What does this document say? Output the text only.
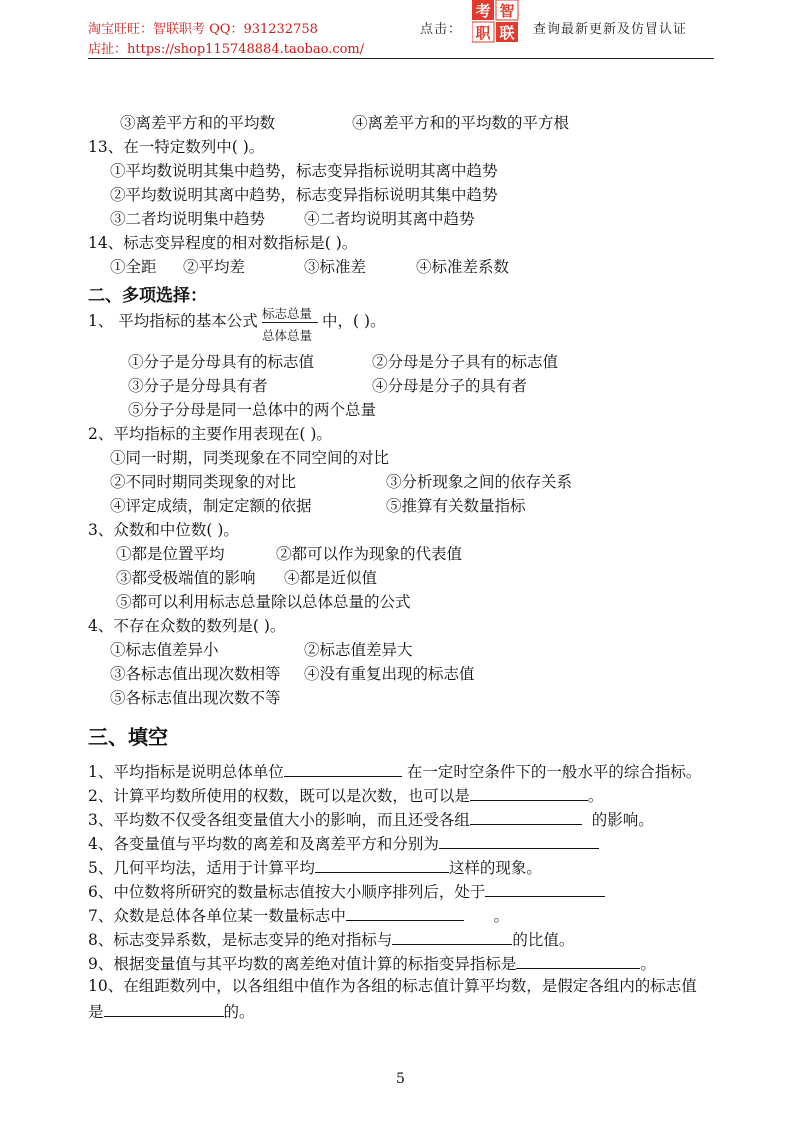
淘宝旺旺：智联职考 QQ：931232758
店扯：https://shop115748884.taobao.com/
点击：
考 智
职 联 查询最新更新及仿冒认证
③离差平方和的平均数	④离差平方和的平均数的平方根
13、在一特定数列中( )。
①平均数说明其集中趋势，标志变异指标说明其离中趋势
②平均数说明其离中趋势，标志变异指标说明其集中趋势
③二者均说明集中趋势	④二者均说明其离中趋势
14、标志变异程度的相对数指标是( )。
①全距 ②平均差	③标准差	④标准差系数
二、多项选择：
1、 平均指标的基本公式 标志总量
总体总量
中，( )。
①分子是分母具有的标志值	②分母是分子具有的标志值
③分子是分母具有者	④分母是分子的具有者
⑤分子分母是同一总体中的两个总量
2、平均指标的主要作用表现在( )。
①同一时期，同类现象在不同空间的对比
②不同时期同类现象的对比	③分析现象之间的依存关系
④评定成绩，制定定额的依据	⑤推算有关数量指标
3、众数和中位数( )。
①都是位置平均	②都可以作为现象的代表值
③都受极端值的影响 ④都是近似值
⑤都可以利用标志总量除以总体总量的公式
4、不存在众数的数列是( )。
①标志值差异小	②标志值差异大
③各标志值出现次数相等 ④没有重复出现的标志值
⑤各标志值出现次数不等
三、填空
1、平均指标是说明总体单位	在一定时空条件下的一般水平的综合指标。
2、计算平均数所使用的权数，既可以是次数，也可以是	。
3、平均数不仅受各组变量值大小的影响，而且还受各组	的影响。
4、各变量值与平均数的离差和及离差平方和分别为
5、几何平均法，适用于计算平均	这样的现象。
6、中位数将所研究的数量标志值按大小顺序排列后，处于
7、众数是总体各单位某一数量标志中	。
8、标志变异系数，是标志变异的绝对指标与	的比值。
9、根据变量值与其平均数的离差绝对值计算的标指变异指标是	。
10、在组距数列中，以各组组中值作为各组的标志值计算平均数，是假定各组内的标志值
是	的。
5
